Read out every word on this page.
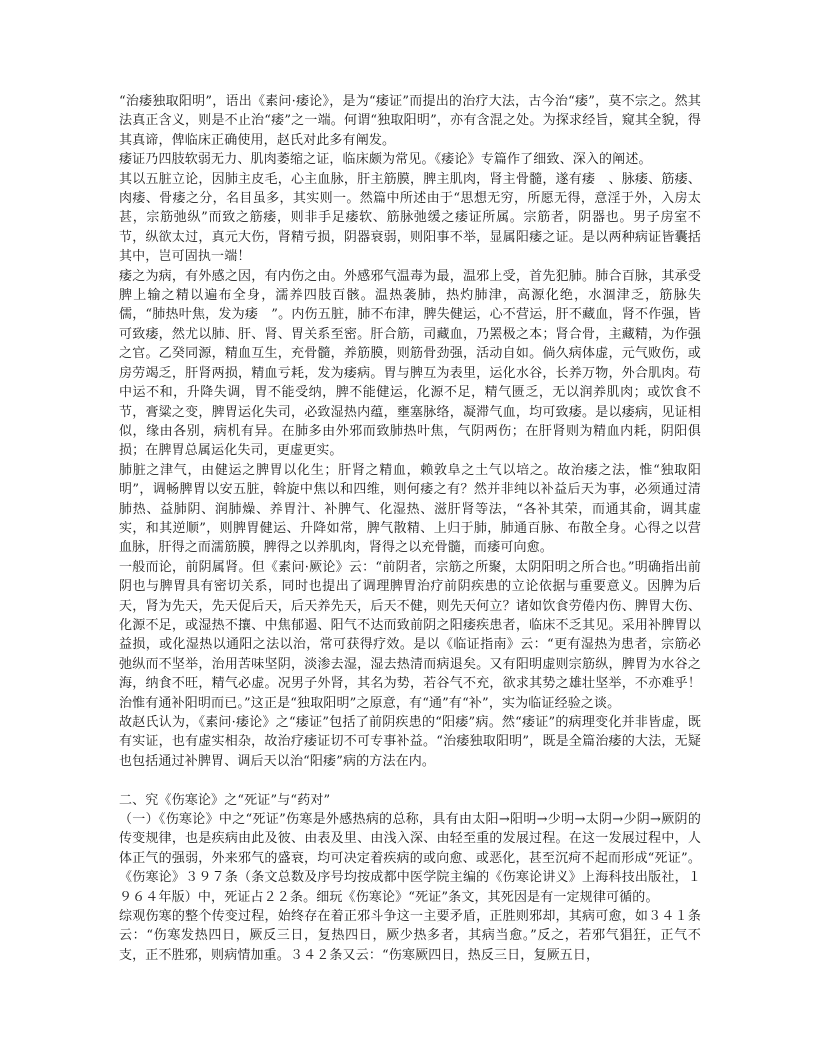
“治痿独取阳明”，语出《素问·痿论》，是为“痿证”而提出的治疗大法，古今治“痿”，莫不宗之。然其法真正含义，则是不止治“痿”之一端。何谓“独取阳明”，亦有含混之处。为探求经旨，窥其全貌，得其真谛，俾临床正确使用，赵氏对此多有阐发。

痿证乃四肢软弱无力、肌肉萎缩之证，临床颇为常见。《痿论》专篇作了细致、深入的阐述。

其以五脏立论，因肺主皮毛，心主血脉，肝主筋膜，脾主肌肉，肾主骨髓，遂有痿　、脉痿、筋痿、肉痿、骨痿之分，名目虽多，其实则一。然篇中所述由于“思想无穷，所愿无得，意淫于外，入房太甚，宗筋弛纵”而致之筋痿，则非手足痿软、筋脉弛缓之痿证所属。宗筋者，阴器也。男子房室不节，纵欲太过，真元大伤，肾精亏损，阴器衰弱，则阳事不举，显属阳痿之证。是以两种病证皆囊括其中，岂可固执一端！

痿之为病，有外感之因，有内伤之由。外感邪气温毒为最，温邪上受，首先犯肺。肺合百脉，其承受脾上输之精以遍布全身，濡养四肢百骸。温热袭肺，热灼肺津，高源化绝，水涸津乏，筋脉失儒，“肺热叶焦，发为痿　”。内伤五脏，肺不布津，脾失健运，心不营运，肝不藏血，肾不作强，皆可致痿，然尤以肺、肝、肾、胃关系至密。肝合筋，司藏血，乃罴极之本；肾合骨，主藏精，为作强之官。乙癸同源，精血互生，充骨髓，养筋膜，则筋骨劲强，活动自如。倘久病体虚，元气败伤，或房劳竭乏，肝肾两损，精血亏耗，发为痿病。胃与脾互为表里，运化水谷，长养万物，外合肌肉。苟中运不和，升降失调，胃不能受纳，脾不能健运，化源不足，精气匮乏，无以润养肌肉；或饮食不节，膏粱之变，脾胃运化失司，必致湿热内蕴，壅塞脉络，凝滞气血，均可致痿。是以痿病，见证相似，缘由各别，病机有异。在肺多由外邪而致肺热叶焦，气阴两伤；在肝肾则为精血内耗，阴阳俱损；在脾胃总属运化失司，更虚更实。

肺脏之津气，由健运之脾胃以化生；肝肾之精血，赖敦阜之土气以培之。故治痿之法，惟“独取阳明”，调畅脾胃以安五脏，斡旋中焦以和四维，则何痿之有？然并非纯以补益后天为事，必须通过清肺热、益肺阴、润肺燥、养胃汁、补脾气、化湿热、滋肝肾等法，“各补其荣，而通其俞，调其虚实，和其逆顺”，则脾胃健运、升降如常，脾气散精、上归于肺，肺通百脉、布散全身。心得之以营血脉，肝得之而濡筋膜，脾得之以养肌肉，肾得之以充骨髓，而痿可向愈。

一般而论，前阴属肾。但《素问·厥论》云：“前阴者，宗筋之所聚，太阴阳明之所合也。”明确指出前阴也与脾胃具有密切关系，同时也提出了调理脾胃治疗前阴疾患的立论依据与重要意义。因脾为后天，肾为先天，先天促后天，后天养先天，后天不健，则先天何立？诸如饮食劳倦内伤、脾胃大伤、化源不足，或湿热不攘、中焦郁遏、阳气不达而致前阴之阳痿疾患者，临床不乏其见。采用补脾胃以益损，或化湿热以通阳之法以治，常可获得疗效。是以《临证指南》云：“更有湿热为患者，宗筋必弛纵而不坚举，治用苦味坚阴，淡渗去湿，湿去热清而病退矣。又有阳明虚则宗筋纵，脾胃为水谷之海，纳食不旺，精气必虚。况男子外肾，其名为势，若谷气不充，欲求其势之雄壮坚举，不亦难乎！治惟有通补阳明而已。”这正是“独取阳明”之原意，有“通”有“补”，实为临证经验之谈。

故赵氏认为，《素问·痿论》之“痿证”包括了前阴疾患的“阳痿”病。然“痿证”的病理变化并非皆虚，既有实证，也有虚实相杂，故治疗痿证切不可专事补益。“治痿独取阳明”，既是全篇治痿的大法，无疑也包括通过补脾胃、调后天以治“阳痿”病的方法在内。

二、究《伤寒论》之“死证”与“药对”

（一）《伤寒论》中之“死证”伤寒是外感热病的总称，具有由太阳→阳明→少明→太阴→少阴→厥阴的传变规律，也是疾病由此及彼、由表及里、由浅入深、由轻至重的发展过程。在这一发展过程中，人体正气的强弱，外来邪气的盛衰，均可决定着疾病的或向愈、或恶化，甚至沉疴不起而形成“死证”。《伤寒论》３９７条（条文总数及序号均按成都中医学院主编的《伤寒论讲义》上海科技出版社，１９６４年版）中，死证占２２条。细玩《伤寒论》“死证”条文，其死因是有一定规律可循的。

综观伤寒的整个传变过程，始终存在着正邪斗争这一主要矛盾，正胜则邪却，其病可愈，如３４１条云：“伤寒发热四日，厥反三日，复热四日，厥少热多者，其病当愈。”反之，若邪气猖狂，正气不支，正不胜邪，则病情加重。３４２条又云：“伤寒厥四日，热反三日，复厥五日，
